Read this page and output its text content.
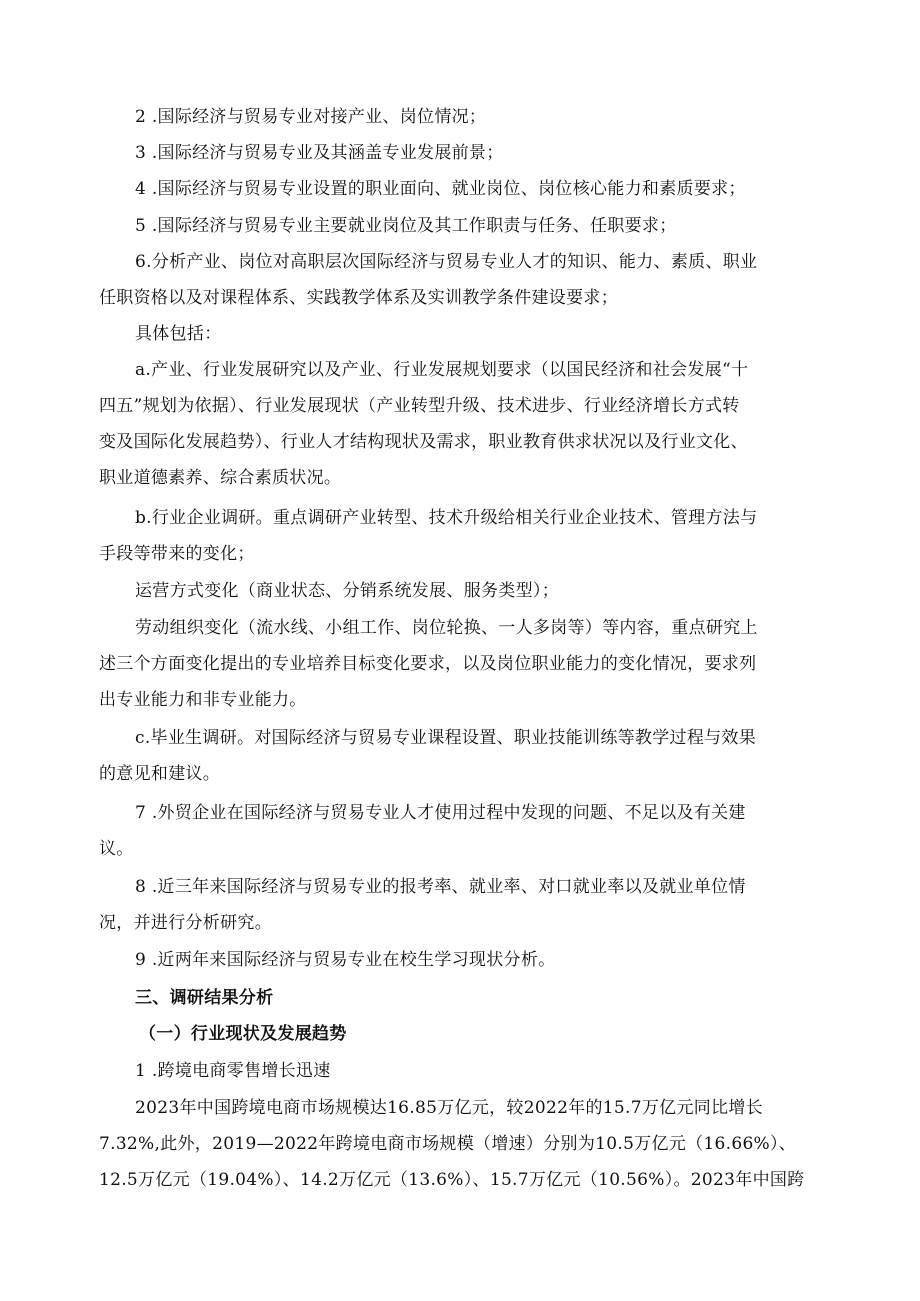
2 .国际经济与贸易专业对接产业、岗位情况；
3 .国际经济与贸易专业及其涵盖专业发展前景；
4 .国际经济与贸易专业设置的职业面向、就业岗位、岗位核心能力和素质要求；
5 .国际经济与贸易专业主要就业岗位及其工作职责与任务、任职要求；
6.分析产业、岗位对高职层次国际经济与贸易专业人才的知识、能力、素质、职业
任职资格以及对课程体系、实践教学体系及实训教学条件建设要求；
具体包括：
a.产业、行业发展研究以及产业、行业发展规划要求（以国民经济和社会发展“十
四五”规划为依据）、行业发展现状（产业转型升级、技术进步、行业经济增长方式转
变及国际化发展趋势）、行业人才结构现状及需求，职业教育供求状况以及行业文化、
职业道德素养、综合素质状况。
b.行业企业调研。重点调研产业转型、技术升级给相关行业企业技术、管理方法与
手段等带来的变化；
运营方式变化（商业状态、分销系统发展、服务类型）；
劳动组织变化（流水线、小组工作、岗位轮换、一人多岗等）等内容，重点研究上
述三个方面变化提出的专业培养目标变化要求，以及岗位职业能力的变化情况，要求列
出专业能力和非专业能力。
c.毕业生调研。对国际经济与贸易专业课程设置、职业技能训练等教学过程与效果
的意见和建议。
7 .外贸企业在国际经济与贸易专业人才使用过程中发现的问题、不足以及有关建
议。
8 .近三年来国际经济与贸易专业的报考率、就业率、对口就业率以及就业单位情
况，并进行分析研究。
9 .近两年来国际经济与贸易专业在校生学习现状分析。
三、调研结果分析
（一）行业现状及发展趋势
1 .跨境电商零售增长迅速
2023年中国跨境电商市场规模达16.85万亿元，较2022年的15.7万亿元同比增长
7.32%,此外，2019—2022年跨境电商市场规模（增速）分别为10.5万亿元（16.66%）、
12.5万亿元（19.04%）、14.2万亿元（13.6%）、15.7万亿元（10.56%）。2023年中国跨
